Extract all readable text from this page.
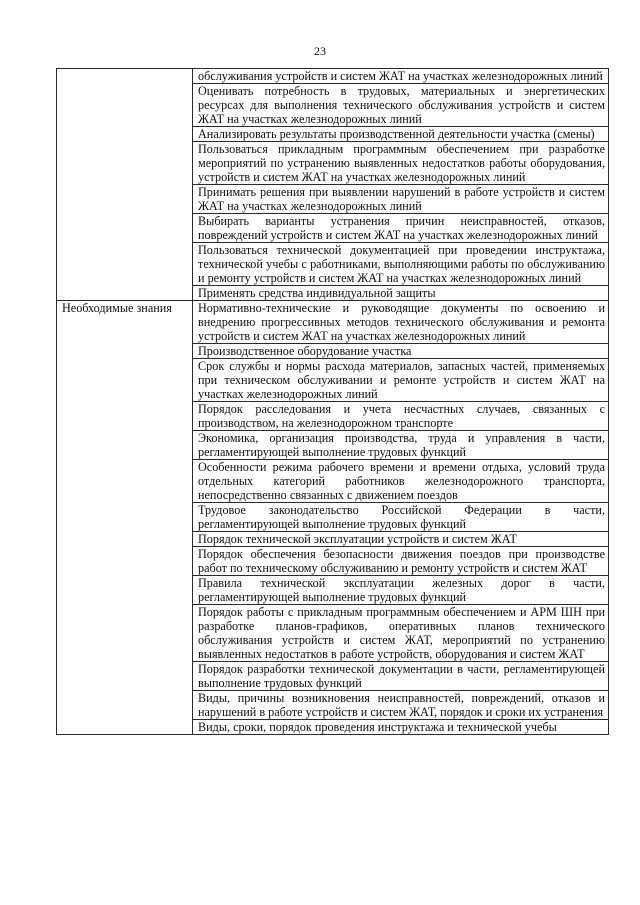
23

	обслуживания устройств и систем ЖАТ на участках железнодорожных линий

	Оценивать потребность в трудовых, материальных и энергетических ресурсах для выполнения технического обслуживания устройств и систем ЖАТ на участках железнодорожных линий

	Анализировать результаты производственной деятельности участка (смены)

	Пользоваться прикладным программным обеспечением при разработке мероприятий по устранению выявленных недостатков работы оборудования, устройств и систем ЖАТ на участках железнодорожных линий

	Принимать решения при выявлении нарушений в работе устройств и систем ЖАТ на участках железнодорожных линий

	Выбирать варианты устранения причин неисправностей, отказов, повреждений устройств и систем ЖАТ на участках железнодорожных линий

	Пользоваться технической документацией при проведении инструктажа, технической учебы с работниками, выполняющими работы по обслуживанию и ремонту устройств и систем ЖАТ на участках железнодорожных линий

	Применять средства индивидуальной защиты

Необходимые знания	Нормативно-технические и руководящие документы по освоению и внедрению прогрессивных методов технического обслуживания и ремонта устройств и систем ЖАТ на участках железнодорожных линий

	Производственное оборудование участка

	Срок службы и нормы расхода материалов, запасных частей, применяемых при техническом обслуживании и ремонте устройств и систем ЖАТ на участках железнодорожных линий

	Порядок расследования и учета несчастных случаев, связанных с производством, на железнодорожном транспорте

	Экономика, организация производства, труда и управления в части, регламентирующей выполнение трудовых функций

	Особенности режима рабочего времени и времени отдыха, условий труда отдельных категорий работников железнодорожного транспорта, непосредственно связанных с движением поездов

	Трудовое законодательство Российской Федерации в части, регламентирующей выполнение трудовых функций

	Порядок технической эксплуатации устройств и систем ЖАТ

	Порядок обеспечения безопасности движения поездов при производстве работ по техническому обслуживанию и ремонту устройств и систем ЖАТ

	Правила технической эксплуатации железных дорог в части, регламентирующей выполнение трудовых функций

	Порядок работы с прикладным программным обеспечением и АРМ ШН при разработке планов-графиков, оперативных планов технического обслуживания устройств и систем ЖАТ, мероприятий по устранению выявленных недостатков в работе устройств, оборудования и систем ЖАТ

	Порядок разработки технической документации в части, регламентирующей выполнение трудовых функций

	Виды, причины возникновения неисправностей, повреждений, отказов и нарушений в работе устройств и систем ЖАТ, порядок и сроки их устранения

	Виды, сроки, порядок проведения инструктажа и технической учебы
